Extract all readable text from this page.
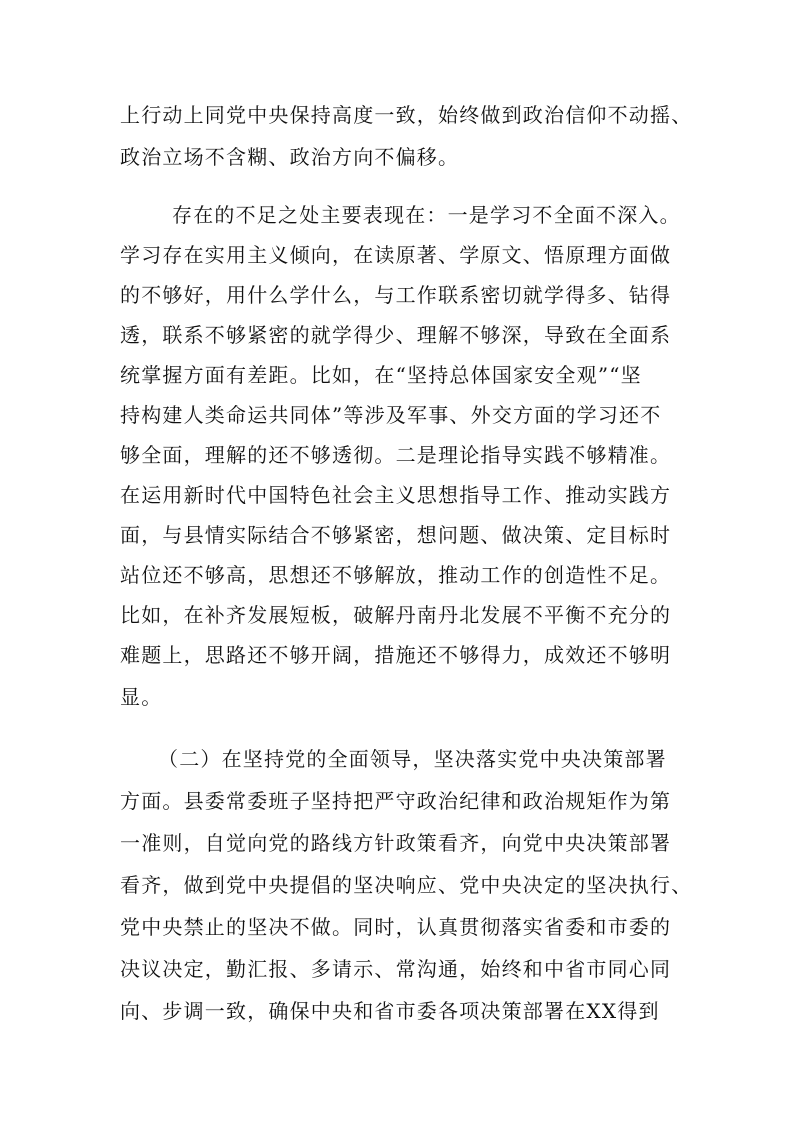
上行动上同党中央保持高度一致，始终做到政治信仰不动摇、
政治立场不含糊、政治方向不偏移。
存在的不足之处主要表现在：一是学习不全面不深入。
学习存在实用主义倾向，在读原著、学原文、悟原理方面做
的不够好，用什么学什么，与工作联系密切就学得多、钻得
透，联系不够紧密的就学得少、理解不够深，导致在全面系
统掌握方面有差距。比如，在“坚持总体国家安全观”“坚
持构建人类命运共同体”等涉及军事、外交方面的学习还不
够全面，理解的还不够透彻。二是理论指导实践不够精准。
在运用新时代中国特色社会主义思想指导工作、推动实践方
面，与县情实际结合不够紧密，想问题、做决策、定目标时
站位还不够高，思想还不够解放，推动工作的创造性不足。
比如，在补齐发展短板，破解丹南丹北发展不平衡不充分的
难题上，思路还不够开阔，措施还不够得力，成效还不够明
显。
（二）在坚持党的全面领导，坚决落实党中央决策部署
方面。县委常委班子坚持把严守政治纪律和政治规矩作为第
一准则，自觉向党的路线方针政策看齐，向党中央决策部署
看齐，做到党中央提倡的坚决响应、党中央决定的坚决执行、
党中央禁止的坚决不做。同时，认真贯彻落实省委和市委的
决议决定，勤汇报、多请示、常沟通，始终和中省市同心同
向、步调一致，确保中央和省市委各项决策部署在XX得到
